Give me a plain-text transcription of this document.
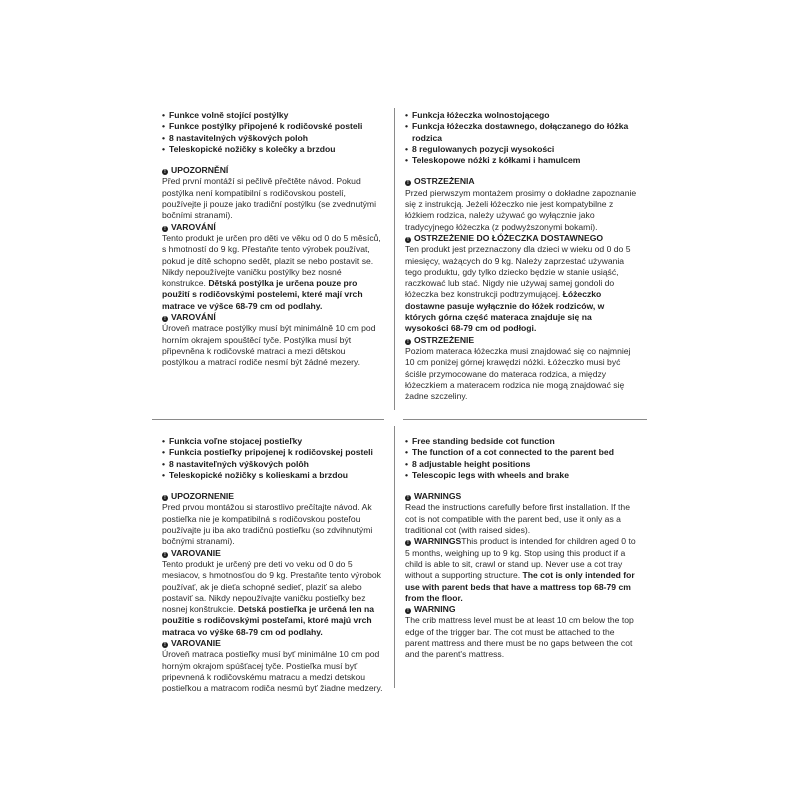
• Funkce volně stojící postýlky
• Funkce postýlky připojené k rodičovské posteli
• 8 nastavitelných výškových poloh
• Teleskopické nožičky s kolečky a brzdou
! UPOZORNĚNÍ

Před první montáží si pečlivě přečtěte návod. Pokud postýlka není kompatibilní s rodičovskou postelí, používejte ji pouze jako tradiční postýlku (se zvednutými bočními stranami).

! VAROVÁNÍ

Tento produkt je určen pro děti ve věku od 0 do 5 měsíců, s hmotností do 9 kg. Přestaňte tento výrobek používat, pokud je dítě schopno sedět, plazit se nebo postavit se. Nikdy nepoužívejte vaničku postýlky bez nosné konstrukce. Dětská postýlka je určena pouze pro použití s rodičovskými postelemi, které mají vrch matrace ve výšce 68-79 cm od podlahy.

! VAROVÁNÍ

Úroveň matrace postýlky musí být minimálně 10 cm pod horním okrajem spouštěcí tyče. Postýlka musí být připevněna k rodičovské matraci a mezi dětskou postýlkou a matrací rodiče nesmí být žádné mezery.

• Funkcja łóżeczka wolnostojącego
• Funkcja łóżeczka dostawnego, dołączanego do łóżka rodzica
• 8 regulowanych pozycji wysokości
• Teleskopowe nóżki z kółkami i hamulcem
! OSTRZEŻENIA

Przed pierwszym montażem prosimy o dokładne zapoznanie się z instrukcją. Jeżeli łóżeczko nie jest kompatybilne z łóżkiem rodzica, należy używać go wyłącznie jako tradycyjnego łóżeczka (z podwyższonymi bokami).

! OSTRZEŻENIE DO ŁÓŻECZKA DOSTAWNEGO

Ten produkt jest przeznaczony dla dzieci w wieku od 0 do 5 miesięcy, ważących do 9 kg. Należy zaprzestać używania tego produktu, gdy tylko dziecko będzie w stanie usiąść, raczkować lub stać. Nigdy nie używaj samej gondoli do łóżeczka bez konstrukcji podtrzymującej. Łóżeczko dostawne pasuje wyłącznie do łóżek rodziców, w których górna część materaca znajduje się na wysokości 68-79 cm od podłogi.

! OSTRZEŻENIE

Poziom materaca łóżeczka musi znajdować się co najmniej 10 cm poniżej górnej krawędzi nóżki. Łóżeczko musi być ściśle przymocowane do materaca rodzica, a między łóżeczkiem a materacem rodzica nie mogą znajdować się żadne szczeliny.

• Funkcia voľne stojacej postieľky
• Funkcia postieľky pripojenej k rodičovskej posteli
• 8 nastaviteľných výškových polôh
• Teleskopické nožičky s kolieskami a brzdou
! UPOZORNENIE

Pred prvou montážou si starostlivo prečítajte návod. Ak postieľka nie je kompatibilná s rodičovskou posteľou používajte ju iba ako tradičnú postieľku (so zdvihnutými bočnými stranami).

! VAROVANIE

Tento produkt je určený pre deti vo veku od 0 do 5 mesiacov, s hmotnosťou do 9 kg. Prestaňte tento výrobok používať, ak je dieťa schopné sedieť, plaziť sa alebo postaviť sa. Nikdy nepoužívajte vaničku postieľky bez nosnej konštrukcie. Detská postieľka je určená len na použitie s rodičovskými posteľami, ktoré majú vrch matraca vo výške 68-79 cm od podlahy.

! VAROVANIE

Úroveň matraca postieľky musí byť minimálne 10 cm pod horným okrajom spúšťacej tyče. Postieľka musí byť pripevnená k rodičovskému matracu a medzi detskou postieľkou a matracom rodiča nesmú byť žiadne medzery.

• Free standing bedside cot function
• The function of a cot connected to the parent bed
• 8 adjustable height positions
• Telescopic legs with wheels and brake
! WARNINGS

Read the instructions carefully before first installation. If the cot is not compatible with the parent bed, use it only as a traditional cot (with raised sides).

! WARNINGSThis product is intended for children aged 0 to 5 months, weighing up to 9 kg. Stop using this product if a child is able to sit, crawl or stand up. Never use a cot tray without a supporting structure. The cot is only intended for use with parent beds that have a mattress top 68-79 cm from the floor.

! WARNING

The crib mattress level must be at least 10 cm below the top edge of the trigger bar. The cot must be attached to the parent mattress and there must be no gaps between the cot and the parent's mattress.
